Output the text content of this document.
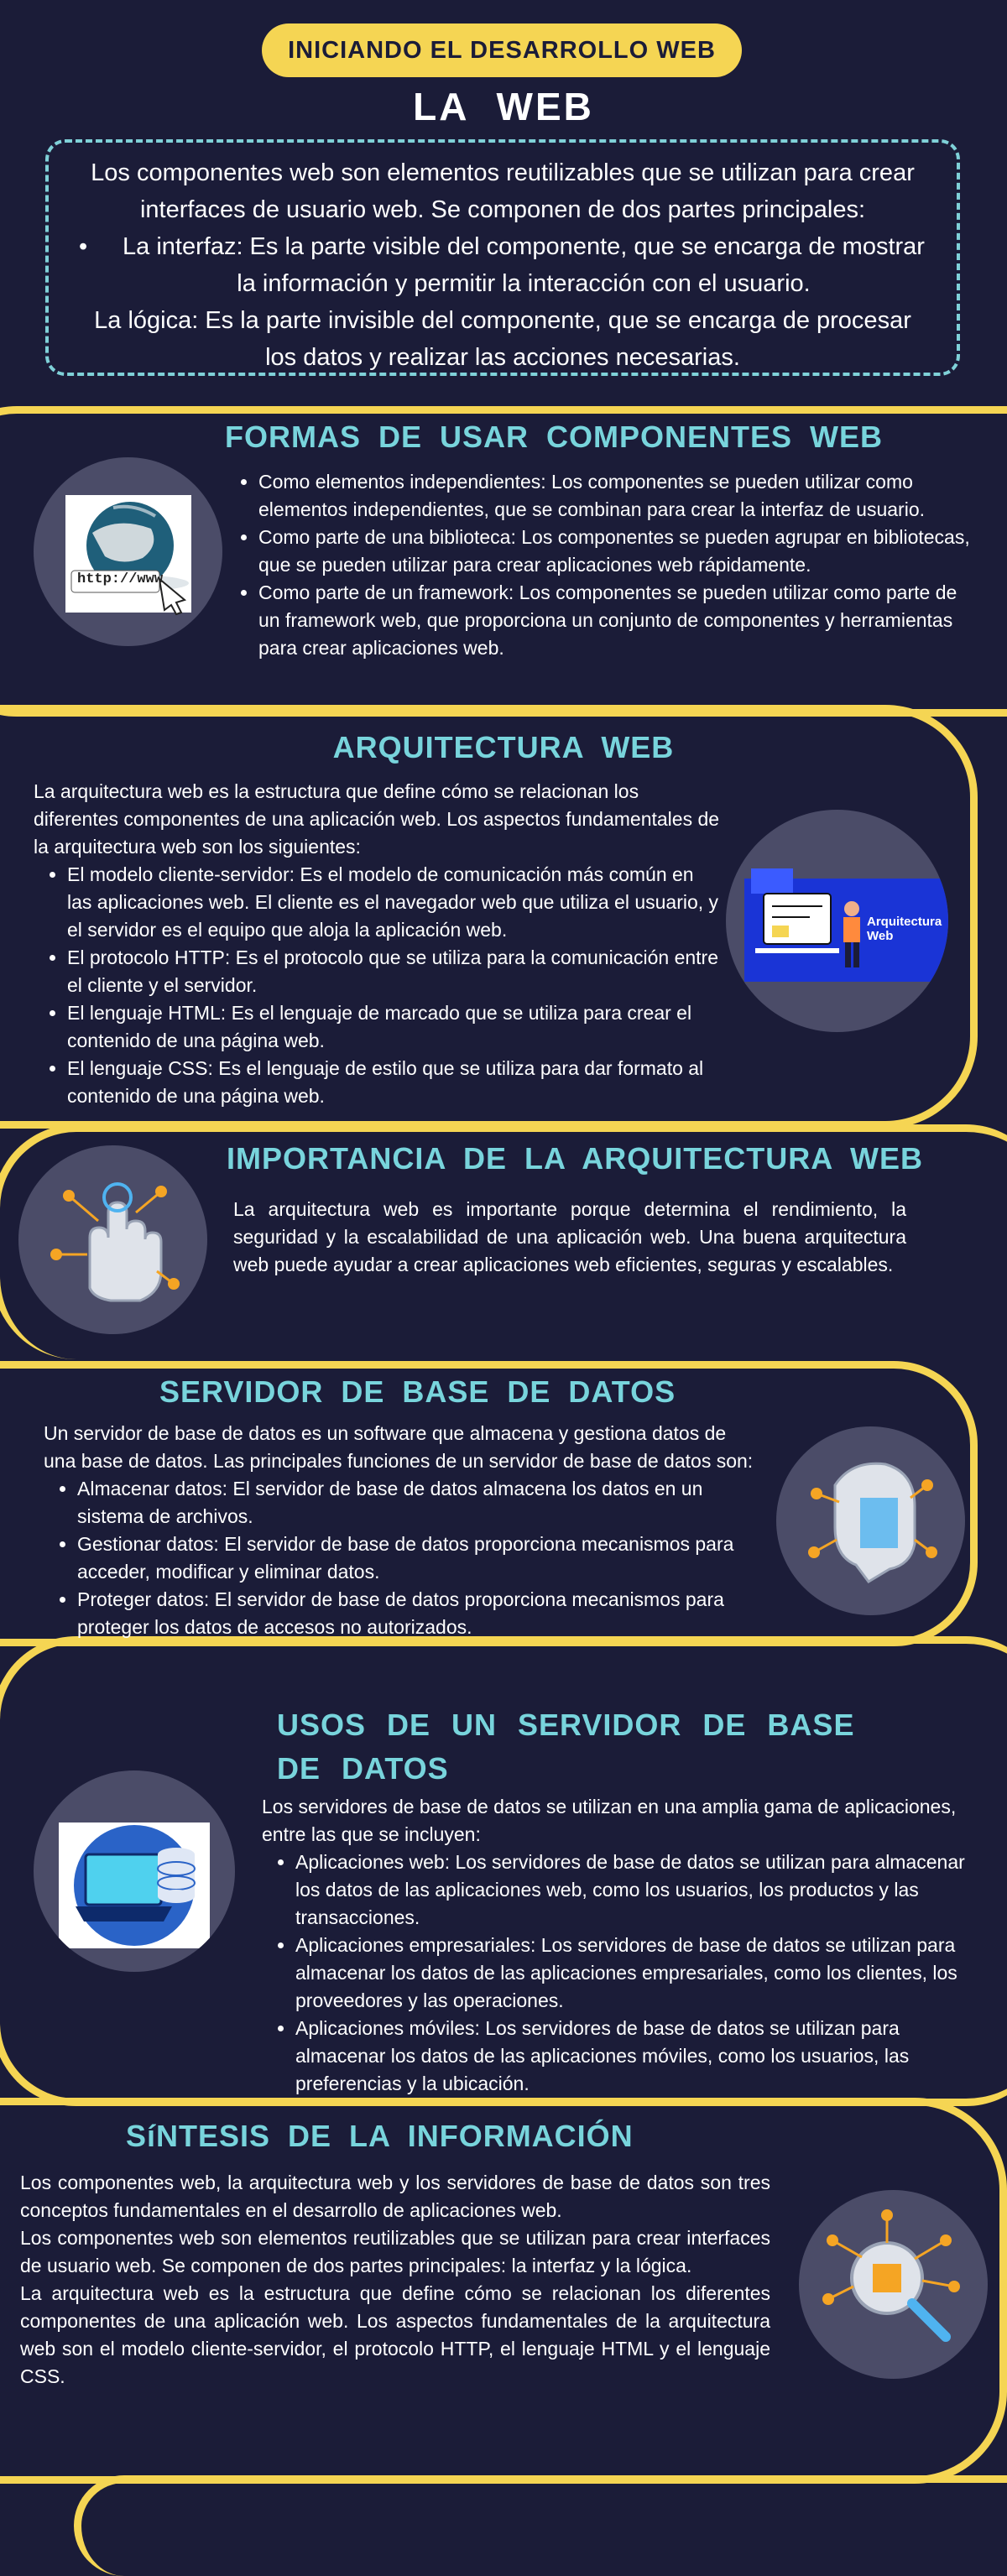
INICIANDO EL DESARROLLO WEB
LA WEB

Los componentes web son elementos reutilizables que se utilizan para crear interfaces de usuario web. Se componen de dos partes principales:

•	La interfaz: Es la parte visible del componente, que se encarga de mostrar la información y permitir la interacción con el usuario.

La lógica: Es la parte invisible del componente, que se encarga de procesar los datos y realizar las acciones necesarias.

FORMAS DE USAR COMPONENTES WEB
http://www
• Como elementos independientes: Los componentes se pueden utilizar como elementos independientes, que se combinan para crear la interfaz de usuario.
• Como parte de una biblioteca: Los componentes se pueden agrupar en bibliotecas, que se pueden utilizar para crear aplicaciones web rápidamente.
• Como parte de un framework: Los componentes se pueden utilizar como parte de un framework web, que proporciona un conjunto de componentes y herramientas para crear aplicaciones web.
ARQUITECTURA WEB

La arquitectura web es la estructura que define cómo se relacionan los diferentes componentes de una aplicación web. Los aspectos fundamentales de la arquitectura web son los siguientes:

• El modelo cliente-servidor: Es el modelo de comunicación más común en las aplicaciones web. El cliente es el navegador web que utiliza el usuario, y el servidor es el equipo que aloja la aplicación web.
• El protocolo HTTP: Es el protocolo que se utiliza para la comunicación entre el cliente y el servidor.
• El lenguaje HTML: Es el lenguaje de marcado que se utiliza para crear el contenido de una página web.
• El lenguaje CSS: Es el lenguaje de estilo que se utiliza para dar formato al contenido de una página web.
Arquitectura
Web
IMPORTANCIA DE LA ARQUITECTURA WEB
La arquitectura web es importante porque determina el rendimiento, la seguridad y la escalabilidad de una aplicación web. Una buena arquitectura web puede ayudar a crear aplicaciones web eficientes, seguras y escalables.
SERVIDOR DE BASE DE DATOS

Un servidor de base de datos es un software que almacena y gestiona datos de una base de datos. Las principales funciones de un servidor de base de datos son:

• Almacenar datos: El servidor de base de datos almacena los datos en un sistema de archivos.
• Gestionar datos: El servidor de base de datos proporciona mecanismos para acceder, modificar y eliminar datos.
• Proteger datos: El servidor de base de datos proporciona mecanismos para proteger los datos de accesos no autorizados.
USOS DE UN SERVIDOR DE BASE
DE DATOS

Los servidores de base de datos se utilizan en una amplia gama de aplicaciones, entre las que se incluyen:

• Aplicaciones web: Los servidores de base de datos se utilizan para almacenar los datos de las aplicaciones web, como los usuarios, los productos y las transacciones.
• Aplicaciones empresariales: Los servidores de base de datos se utilizan para almacenar los datos de las aplicaciones empresariales, como los clientes, los proveedores y las operaciones.
• Aplicaciones móviles: Los servidores de base de datos se utilizan para almacenar los datos de las aplicaciones móviles, como los usuarios, las preferencias y la ubicación.
SíNTESIS DE LA INFORMACIÓN

Los componentes web, la arquitectura web y los servidores de base de datos son tres conceptos fundamentales en el desarrollo de aplicaciones web.

Los componentes web son elementos reutilizables que se utilizan para crear interfaces de usuario web. Se componen de dos partes principales: la interfaz y la lógica.

La arquitectura web es la estructura que define cómo se relacionan los diferentes componentes de una aplicación web. Los aspectos fundamentales de la arquitectura web son el modelo cliente-servidor, el protocolo HTTP, el lenguaje HTML y el lenguaje CSS.
